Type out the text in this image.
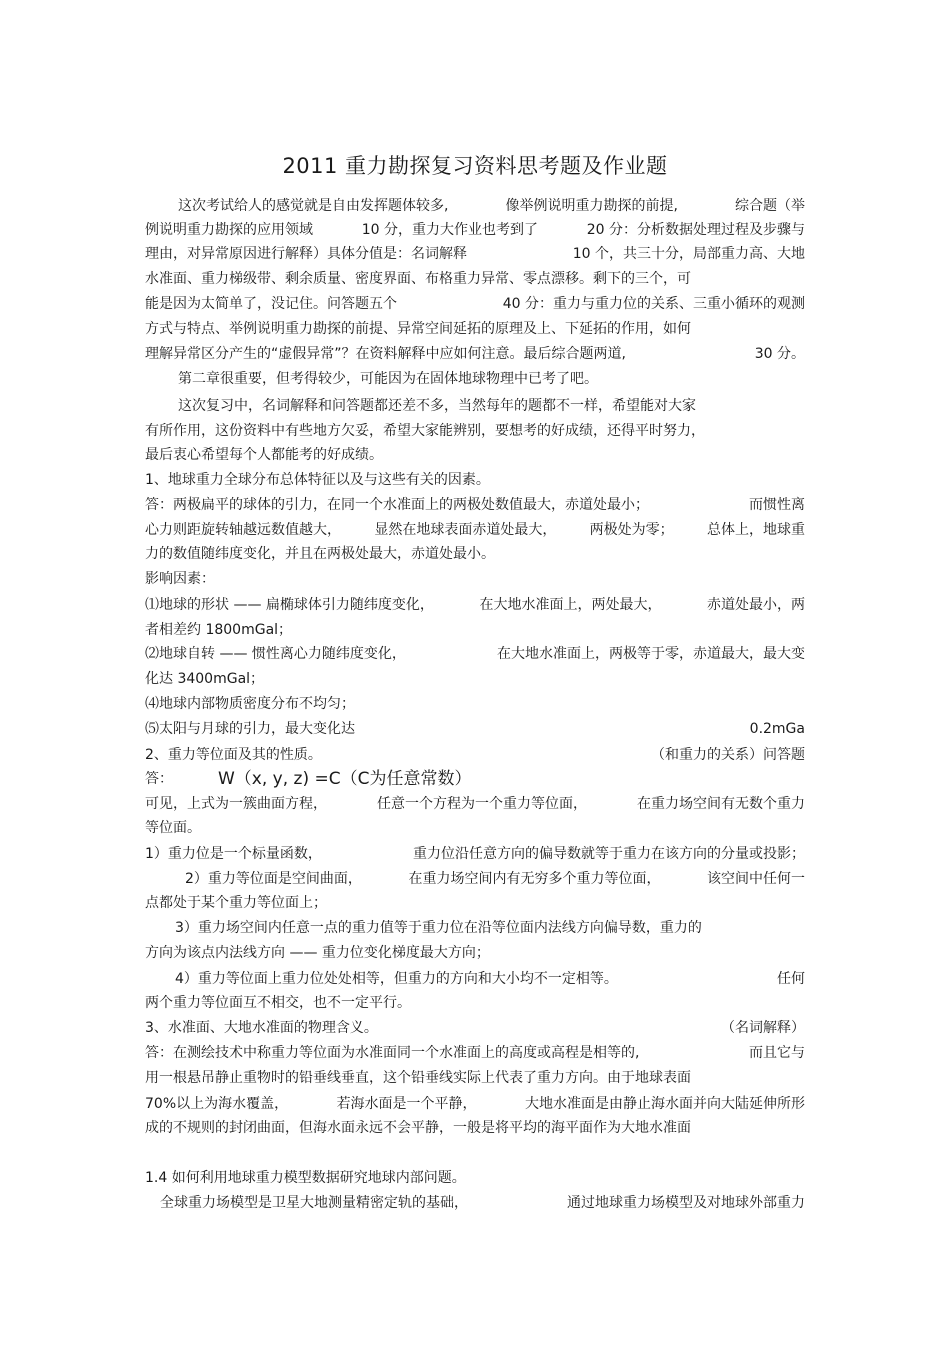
2011 重力勘探复习资料思考题及作业题
这次考试给人的感觉就是自由发挥题体较多,	像举例说明重力勘探的前提,	综合题（举
例说明重力勘探的应用领域	10 分，重力大作业也考到了	20 分：分析数据处理过程及步骤与
理由，对异常原因进行解释）具体分值是：名词解释	10 个，共三十分，局部重力高、大地
水准面、重力梯级带、剩余质量、密度界面、布格重力异常、零点漂移。剩下的三个，可
能是因为太简单了，没记住。问答题五个	40 分：重力与重力位的关系、三重小循环的观测
方式与特点、举例说明重力勘探的前提、异常空间延拓的原理及上、下延拓的作用，如何
理解异常区分产生的“虚假异常”？在资料解释中应如何注意。最后综合题两道,	30 分。
第二章很重要，但考得较少，可能因为在固体地球物理中已考了吧。
这次复习中，名词解释和问答题都还差不多，当然每年的题都不一样，希望能对大家
有所作用，这份资料中有些地方欠妥，希望大家能辨别，要想考的好成绩，还得平时努力，
最后衷心希望每个人都能考的好成绩。
1、地球重力全球分布总体特征以及与这些有关的因素。
答：两极扁平的球体的引力，在同一个水准面上的两极处数值最大，赤道处最小；	而惯性离
心力则距旋转轴越远数值越大， 显然在地球表面赤道处最大， 两极处为零； 总体上，地球重
力的数值随纬度变化，并且在两极处最大，赤道处最小。
影响因素：
⑴地球的形状 —— 扁椭球体引力随纬度变化，	在大地水准面上，两处最大，	赤道处最小，两
者相差约 1800mGal；
⑵地球自转 —— 惯性离心力随纬度变化，	在大地水准面上，两极等于零，赤道最大，最大变
化达 3400mGal；
⑷地球内部物质密度分布不均匀；
⑸太阳与月球的引力，最大变化达	0.2mGa
2、重力等位面及其的性质。	（和重力的关系）问答题
答：	W（x, y, z) =C（C为任意常数）
可见，上式为一簇曲面方程，	任意一个方程为一个重力等位面，	在重力场空间有无数个重力
等位面。
1）重力位是一个标量函数，	重力位沿任意方向的偏导数就等于重力在该方向的分量或投影；
2）重力等位面是空间曲面，	在重力场空间内有无穷多个重力等位面，	该空间中任何一
点都处于某个重力等位面上；
3）重力场空间内任意一点的重力值等于重力位在沿等位面内法线方向偏导数，重力的
方向为该点内法线方向 —— 重力位变化梯度最大方向；
4）重力等位面上重力位处处相等，但重力的方向和大小均不一定相等。	任何
两个重力等位面互不相交，也不一定平行。
3、水准面、大地水准面的物理含义。	（名词解释）
答：在测绘技术中称重力等位面为水准面同一个水准面上的高度或高程是相等的,	而且它与
用一根悬吊静止重物时的铅垂线垂直，这个铅垂线实际上代表了重力方向。由于地球表面
70%以上为海水覆盖，	若海水面是一个平静，	大地水准面是由静止海水面并向大陆延伸所形
成的不规则的封闭曲面，但海水面永远不会平静，一般是将平均的海平面作为大地水准面
1.4 如何利用地球重力模型数据研究地球内部问题。
全球重力场模型是卫星大地测量精密定轨的基础，	通过地球重力场模型及对地球外部重力
